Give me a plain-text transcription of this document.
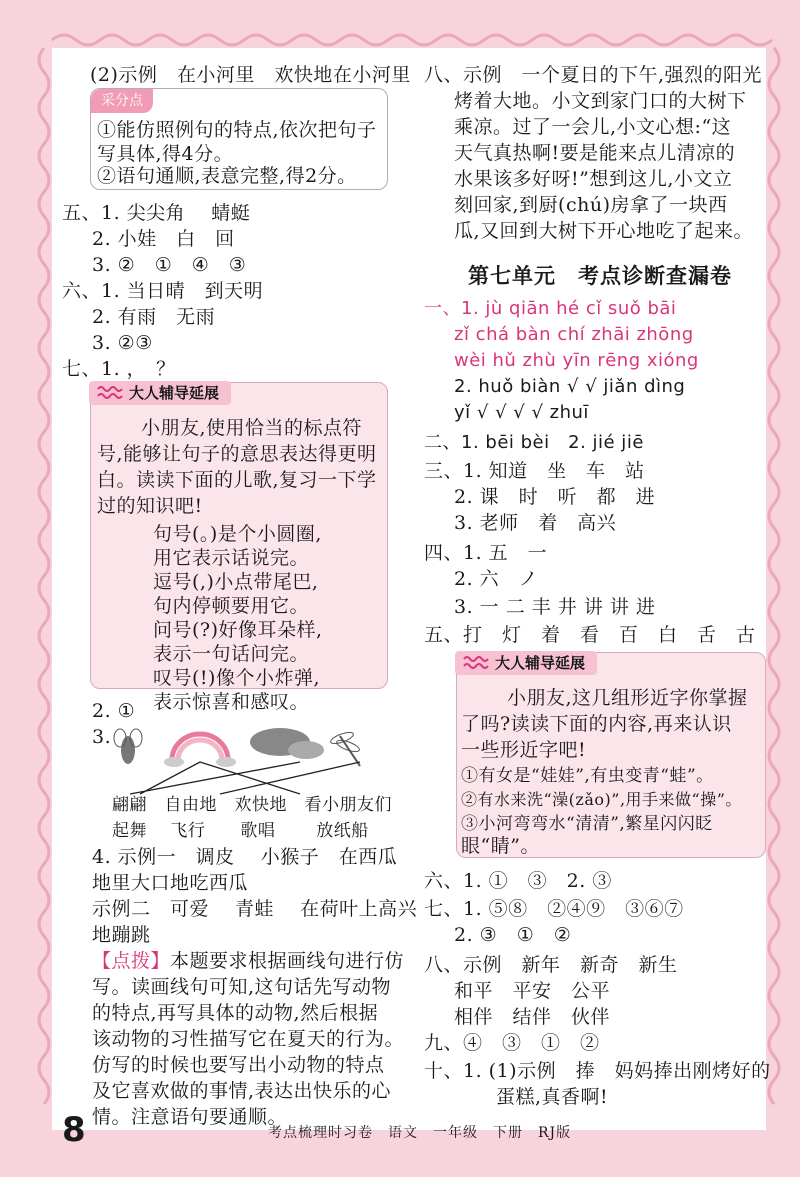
(2)示例　在小河里　欢快地在小河里
采分点
①能仿照例句的特点,依次把句子
写具体,得4分。
②语句通顺,表意完整,得2分。
五、1. 尖尖角　 蜻蜓
2. 小娃　白　回
3. ②　①　④　③
六、1. 当日晴　到天明
2. 有雨　无雨
3. ②③
七、1. ，　？
大人辅导延展
小朋友,使用恰当的标点符
号,能够让句子的意思表达得更明
白。读读下面的儿歌,复习一下学
过的知识吧!
句号(。)是个小圆圈,
用它表示话说完。
逗号(,)小点带尾巴,
句内停顿要用它。
问号(?)好像耳朵样,
表示一句话问完。
叹号(!)像个小炸弹,
表示惊喜和感叹。
2. ①
3.
翩翩　自由地　欢快地　看小朋友们
起舞　 飞行　　歌唱　　 放纸船
4. 示例一　调皮　 小猴子　在西瓜
地里大口地吃西瓜
示例二　可爱　 青蛙　 在荷叶上高兴
地蹦跳
【点拨】本题要求根据画线句进行仿
写。读画线句可知,这句话先写动物
的特点,再写具体的动物,然后根据
该动物的习性描写它在夏天的行为。
仿写的时候也要写出小动物的特点
及它喜欢做的事情,表达出快乐的心
情。注意语句要通顺。
八、示例　一个夏日的下午,强烈的阳光
烤着大地。小文到家门口的大树下
乘凉。过了一会儿,小文心想:“这
天气真热啊!要是能来点儿清凉的
水果该多好呀!”想到这儿,小文立
刻回家,到厨(chú)房拿了一块西
瓜,又回到大树下开心地吃了起来。
第七单元　考点诊断查漏卷
一、1. jù qiān hé cǐ suǒ bāi
zǐ chá bàn chí zhāi zhōng
wèi hǔ zhù yīn rēng xióng
2. huǒ biàn √ √ jiǎn dìng
yǐ √ √ √ √ zhuī
二、1. bēi bèi　2. jié jiē
三、1. 知道　坐　车　站
2. 课　时　听　都　进
3. 老师　着　高兴
四、1. 五　一
2. 六　ノ
3. 一 二 丰 井 讲 讲 进
五、打　灯　着　看　百　白　舌　古
大人辅导延展
小朋友,这几组形近字你掌握
了吗?读读下面的内容,再来认识
一些形近字吧!
①有女是“娃娃”,有虫变青“蛙”。
②有水来洗“澡(zǎo)”,用手来做“操”。
③小河弯弯水“清清”,繁星闪闪眨
眼“睛”。
六、1. ①　③　2. ③
七、1. ⑤⑧　②④⑨　③⑥⑦
2. ③　①　②
八、示例　新年　新奇　新生
和平　平安　公平
相伴　结伴　伙伴
九、④　③　①　②
十、1. (1)示例　捧　妈妈捧出刚烤好的
蛋糕,真香啊!
8	考点梳理时习卷　语文　一年级　下册　RJ版
